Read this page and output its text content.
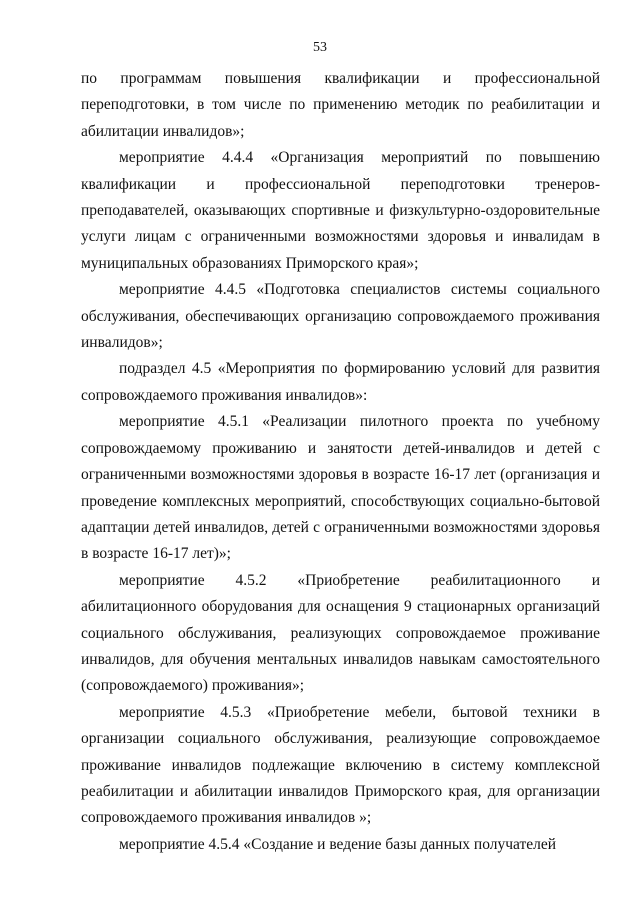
53

по программам повышения квалификации и профессиональной переподготовки, в том числе по применению методик по реабилитации и абилитации инвалидов»;

мероприятие 4.4.4 «Организация мероприятий по повышению квалификации и профессиональной переподготовки тренеров-преподавателей, оказывающих спортивные и физкультурно-оздоровительные услуги лицам с ограниченными возможностями здоровья и инвалидам в муниципальных образованиях Приморского края»;

мероприятие 4.4.5 «Подготовка специалистов системы социального обслуживания, обеспечивающих организацию сопровождаемого проживания инвалидов»;

подраздел 4.5 «Мероприятия по формированию условий для развития сопровождаемого проживания инвалидов»:

мероприятие 4.5.1 «Реализации пилотного проекта по учебному сопровождаемому проживанию и занятости детей-инвалидов и детей с ограниченными возможностями здоровья в возрасте 16-17 лет (организация и проведение комплексных мероприятий, способствующих социально-бытовой адаптации детей инвалидов, детей с ограниченными возможностями здоровья в возрасте 16-17 лет)»;

мероприятие 4.5.2 «Приобретение реабилитационного и абилитационного оборудования для оснащения 9 стационарных организаций социального обслуживания, реализующих сопровождаемое проживание инвалидов, для обучения ментальных инвалидов навыкам самостоятельного (сопровождаемого) проживания»;

мероприятие 4.5.3 «Приобретение мебели, бытовой техники в организации социального обслуживания, реализующие сопровождаемое проживание инвалидов подлежащие включению в систему комплексной реабилитации и абилитации инвалидов Приморского края, для организации сопровождаемого проживания инвалидов »;

мероприятие 4.5.4 «Создание и ведение базы данных получателей
